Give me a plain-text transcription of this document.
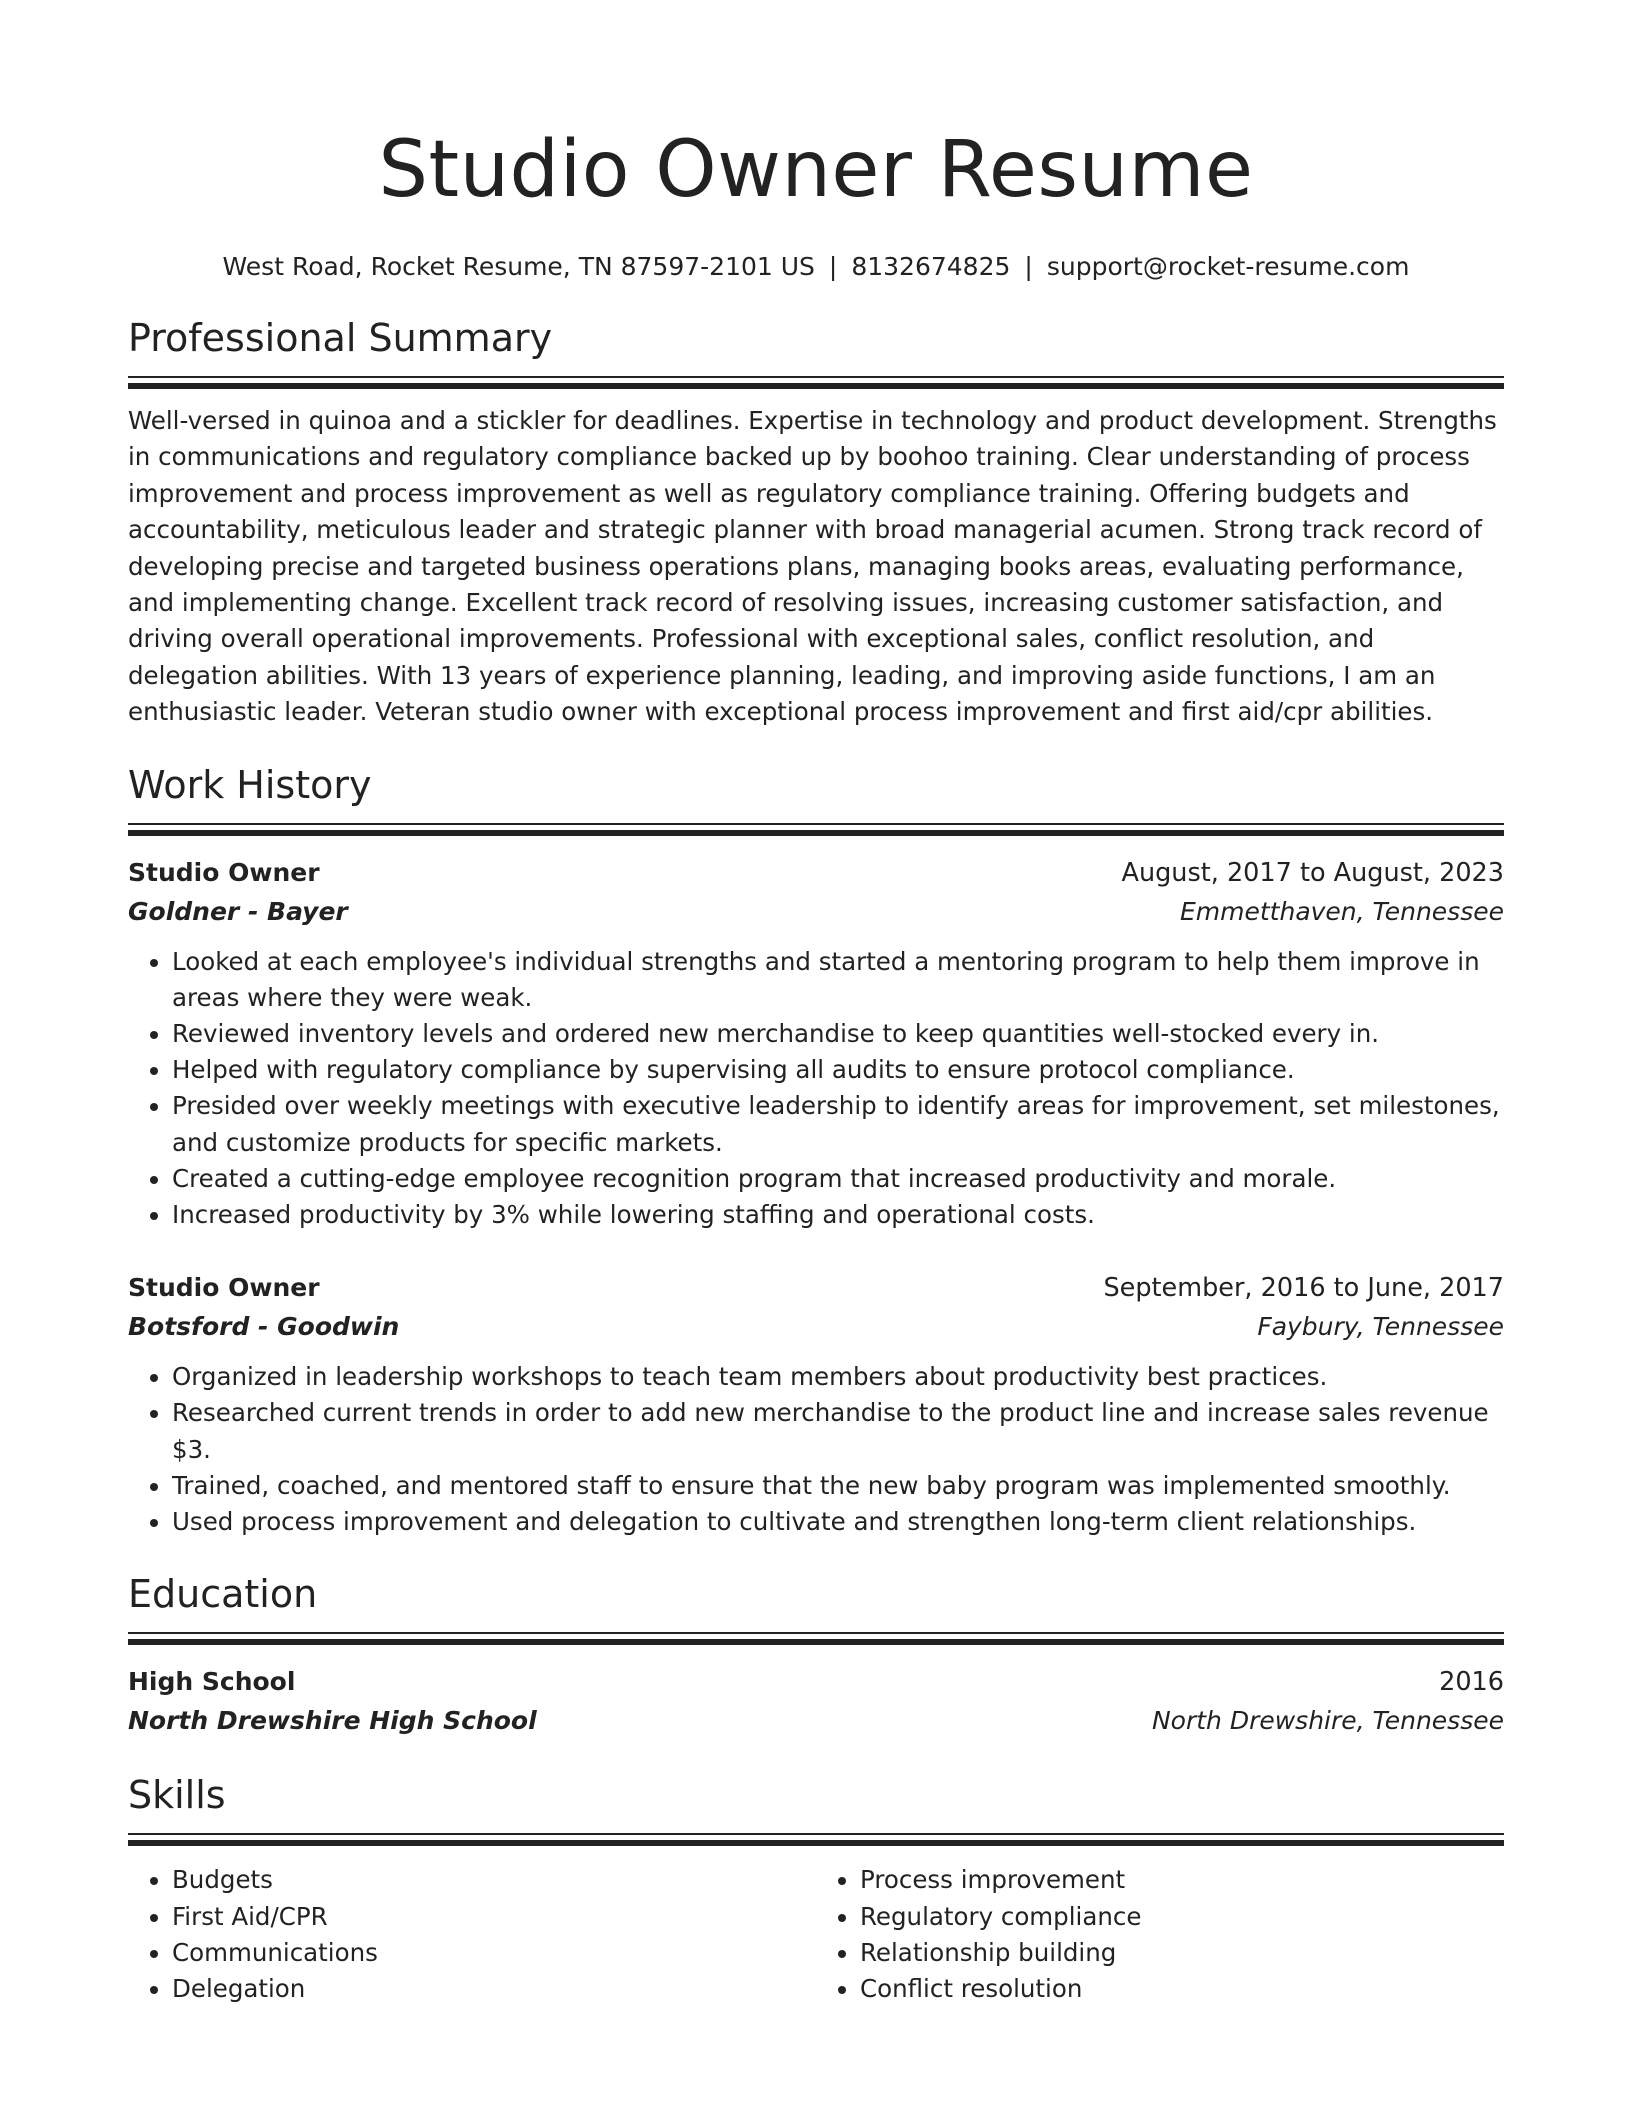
Studio Owner Resume
West Road, Rocket Resume, TN 87597-2101 US | 8132674825 | support@rocket-resume.com
Professional Summary
Well-versed in quinoa and a stickler for deadlines. Expertise in technology and product development. Strengths in communications and regulatory compliance backed up by boohoo training. Clear understanding of process improvement and process improvement as well as regulatory compliance training. Offering budgets and accountability, meticulous leader and strategic planner with broad managerial acumen. Strong track record of developing precise and targeted business operations plans, managing books areas, evaluating performance, and implementing change. Excellent track record of resolving issues, increasing customer satisfaction, and driving overall operational improvements. Professional with exceptional sales, conflict resolution, and delegation abilities. With 13 years of experience planning, leading, and improving aside functions, I am an enthusiastic leader. Veteran studio owner with exceptional process improvement and first aid/cpr abilities.
Work History
Studio Owner	August, 2017 to August, 2023
Goldner - Bayer	Emmetthaven, Tennessee
• Looked at each employee's individual strengths and started a mentoring program to help them improve in areas where they were weak.
• Reviewed inventory levels and ordered new merchandise to keep quantities well-stocked every in.
• Helped with regulatory compliance by supervising all audits to ensure protocol compliance.
• Presided over weekly meetings with executive leadership to identify areas for improvement, set milestones, and customize products for specific markets.
• Created a cutting-edge employee recognition program that increased productivity and morale.
• Increased productivity by 3% while lowering staffing and operational costs.
Studio Owner	September, 2016 to June, 2017
Botsford - Goodwin	Faybury, Tennessee
• Organized in leadership workshops to teach team members about productivity best practices.
• Researched current trends in order to add new merchandise to the product line and increase sales revenue $3.
• Trained, coached, and mentored staff to ensure that the new baby program was implemented smoothly.
• Used process improvement and delegation to cultivate and strengthen long-term client relationships.
Education
High School	2016
North Drewshire High School	North Drewshire, Tennessee
Skills
• Budgets
• First Aid/CPR
• Communications
• Delegation
• Process improvement
• Regulatory compliance
• Relationship building
• Conflict resolution
